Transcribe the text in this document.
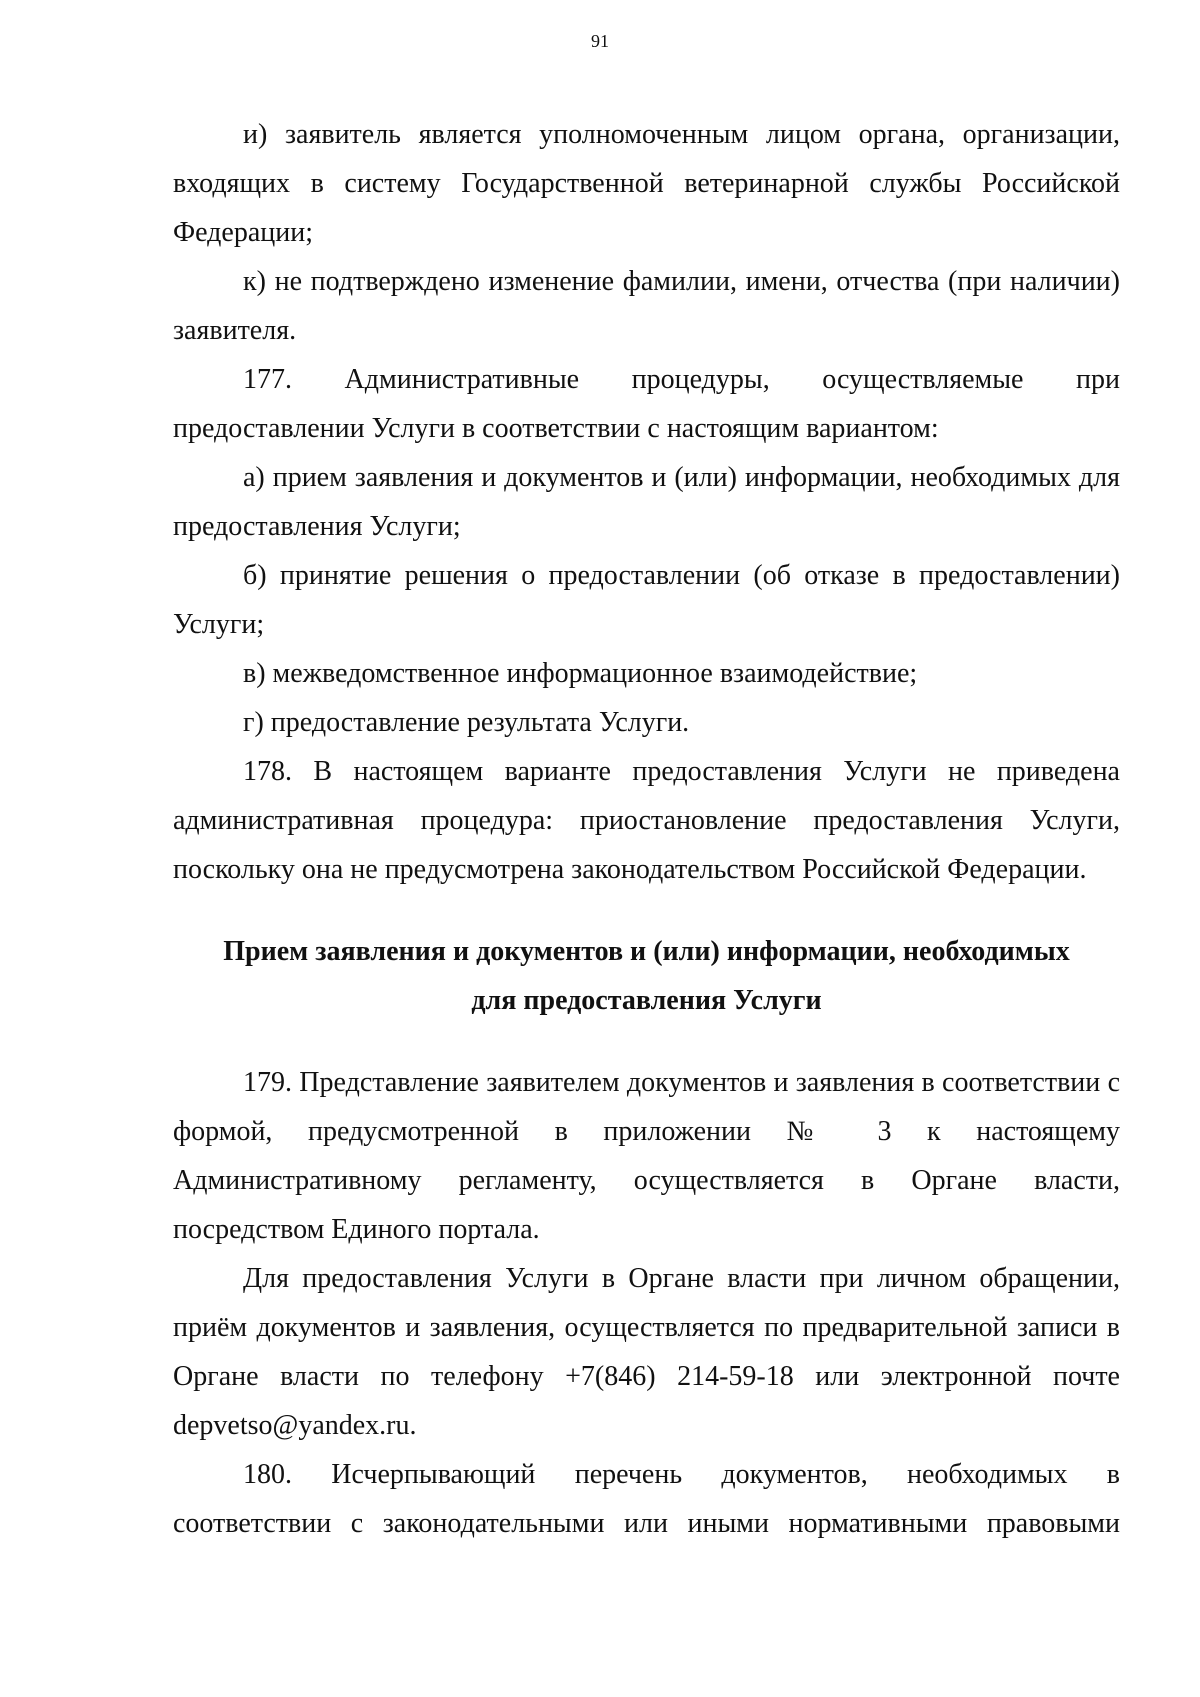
91

и) заявитель является уполномоченным лицом органа, организации, входящих в систему Государственной ветеринарной службы Российской Федерации;

к) не подтверждено изменение фамилии, имени, отчества (при наличии) заявителя.

177. Административные процедуры, осуществляемые при предоставлении Услуги в соответствии с настоящим вариантом:

а) прием заявления и документов и (или) информации, необходимых для предоставления Услуги;

б) принятие решения о предоставлении (об отказе в предоставлении) Услуги;

в) межведомственное информационное взаимодействие;

г) предоставление результата Услуги.

178. В настоящем варианте предоставления Услуги не приведена административная процедура: приостановление предоставления Услуги, поскольку она не предусмотрена законодательством Российской Федерации.

Прием заявления и документов и (или) информации, необходимых

для предоставления Услуги

179. Представление заявителем документов и заявления в соответствии с формой, предусмотренной в приложении № 3 к настоящему Административному регламенту, осуществляется в Органе власти, посредством Единого портала.

Для предоставления Услуги в Органе власти при личном обращении, приём документов и заявления, осуществляется по предварительной записи в Органе власти по телефону +7(846) 214-59-18 или электронной почте depvetso@yandex.ru.

180. Исчерпывающий перечень документов, необходимых в соответствии с законодательными или иными нормативными правовыми
